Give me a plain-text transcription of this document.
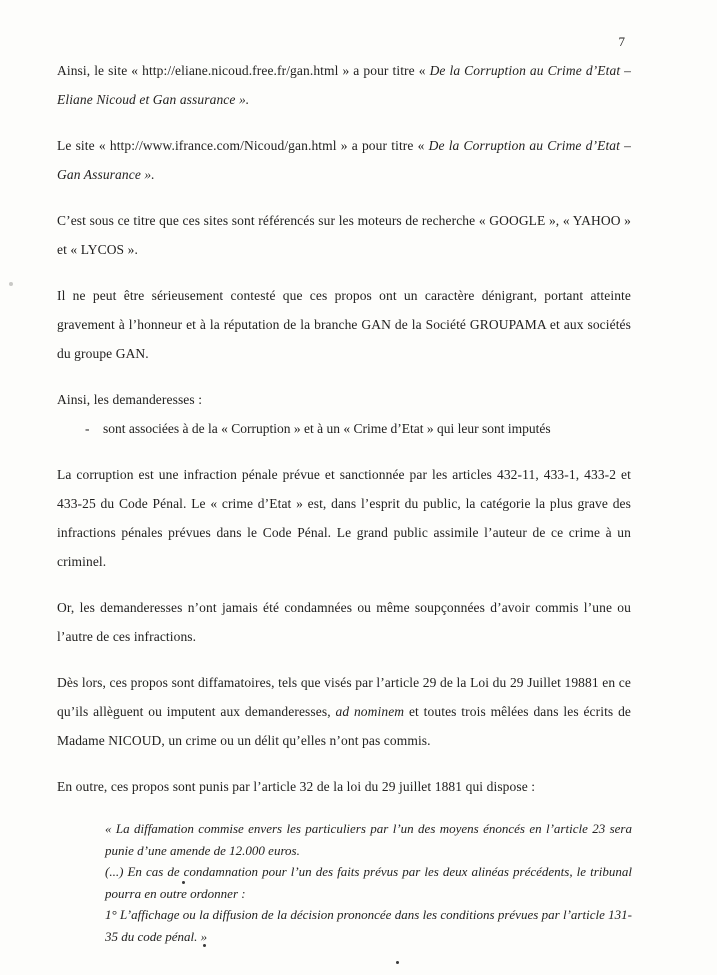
7

Ainsi, le site « http://eliane.nicoud.free.fr/gan.html » a pour titre « De la Corruption au Crime d’Etat – Eliane Nicoud et Gan assurance ».

Le site « http://www.ifrance.com/Nicoud/gan.html » a pour titre « De la Corruption au Crime d’Etat – Gan Assurance ».

C’est sous ce titre que ces sites sont référencés sur les moteurs de recherche « GOOGLE », « YAHOO » et « LYCOS ».

Il ne peut être sérieusement contesté que ces propos ont un caractère dénigrant, portant atteinte gravement à l’honneur et à la réputation de la branche GAN de la Société GROUPAMA et aux sociétés du groupe GAN.

Ainsi, les demanderesses :

-	sont associées à de la « Corruption » et à un « Crime d’Etat » qui leur sont imputés

La corruption est une infraction pénale prévue et sanctionnée par les articles 432-11, 433-1, 433-2 et 433-25 du Code Pénal. Le « crime d’Etat » est, dans l’esprit du public, la catégorie la plus grave des infractions pénales prévues dans le Code Pénal. Le grand public assimile l’auteur de ce crime à un criminel.

Or, les demanderesses n’ont jamais été condamnées ou même soupçonnées d’avoir commis l’une ou l’autre de ces infractions.

Dès lors, ces propos sont diffamatoires, tels que visés par l’article 29 de la Loi du 29 Juillet 19881 en ce qu’ils allèguent ou imputent aux demanderesses, ad nominem et toutes trois mêlées dans les écrits de Madame NICOUD, un crime ou un délit qu’elles n’ont pas commis.

En outre, ces propos sont punis par l’article 32 de la loi du 29 juillet 1881 qui dispose :

« La diffamation commise envers les particuliers par l’un des moyens énoncés en l’article 23 sera punie d’une amende de 12.000 euros.

(...) En cas de condamnation pour l’un des faits prévus par les deux alinéas précédents, le tribunal pourra en outre ordonner :

1° L’affichage ou la diffusion de la décision prononcée dans les conditions prévues par l’article 131-35 du code pénal. »
